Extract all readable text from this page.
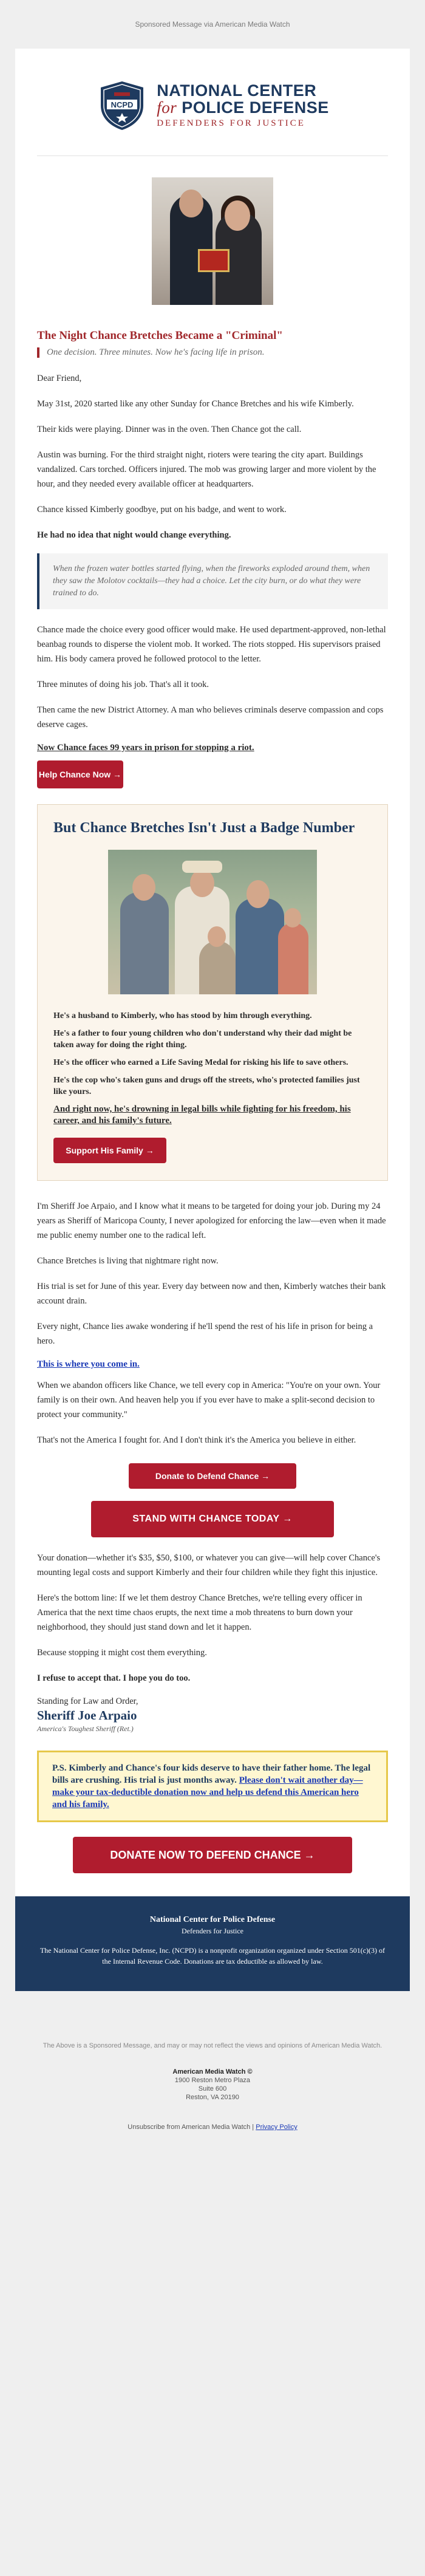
Sponsored Message via American Media Watch
NCPD
NATIONAL CENTER
for POLICE DEFENSE
DEFENDERS FOR JUSTICE
The Night Chance Bretches Became a "Criminal"
One decision. Three minutes. Now he's facing life in prison.

Dear Friend,

May 31st, 2020 started like any other Sunday for Chance Bretches and his wife Kimberly.

Their kids were playing. Dinner was in the oven. Then Chance got the call.

Austin was burning. For the third straight night, rioters were tearing the city apart. Buildings vandalized. Cars torched. Officers injured. The mob was growing larger and more violent by the hour, and they needed every available officer at headquarters.

Chance kissed Kimberly goodbye, put on his badge, and went to work.

He had no idea that night would change everything.

When the frozen water bottles started flying, when the fireworks exploded around them, when they saw the Molotov cocktails—they had a choice. Let the city burn, or do what they were trained to do.

Chance made the choice every good officer would make. He used department-approved, non-lethal beanbag rounds to disperse the violent mob. It worked. The riots stopped. His supervisors praised him. His body camera proved he followed protocol to the letter.

Three minutes of doing his job. That's all it took.

Then came the new District Attorney. A man who believes criminals deserve compassion and cops deserve cages.

Now Chance faces 99 years in prison for stopping a riot.
Help Chance Now →
But Chance Bretches Isn't Just a Badge Number

He's a husband to Kimberly, who has stood by him through everything.

He's a father to four young children who don't understand why their dad might be taken away for doing the right thing.

He's the officer who earned a Life Saving Medal for risking his life to save others.

He's the cop who's taken guns and drugs off the streets, who's protected families just like yours.

And right now, he's drowning in legal bills while fighting for his freedom, his career, and his family's future.

Support His Family →

I'm Sheriff Joe Arpaio, and I know what it means to be targeted for doing your job. During my 24 years as Sheriff of Maricopa County, I never apologized for enforcing the law—even when it made me public enemy number one to the radical left.

Chance Bretches is living that nightmare right now.

His trial is set for June of this year. Every day between now and then, Kimberly watches their bank account drain.

Every night, Chance lies awake wondering if he'll spend the rest of his life in prison for being a hero.

This is where you come in.

When we abandon officers like Chance, we tell every cop in America: "You're on your own. Your family is on their own. And heaven help you if you ever have to make a split-second decision to protect your community."

That's not the America I fought for. And I don't think it's the America you believe in either.

Donate to Defend Chance →
STAND WITH CHANCE TODAY →

Your donation—whether it's $35, $50, $100, or whatever you can give—will help cover Chance's mounting legal costs and support Kimberly and their four children while they fight this injustice.

Here's the bottom line: If we let them destroy Chance Bretches, we're telling every officer in America that the next time chaos erupts, the next time a mob threatens to burn down your neighborhood, they should just stand down and let it happen.

Because stopping it might cost them everything.

I refuse to accept that. I hope you do too.

Standing for Law and Order,
Sheriff Joe Arpaio
America's Toughest Sheriff (Ret.)
P.S. Kimberly and Chance's four kids deserve to have their father home. The legal bills are crushing. His trial is just months away. Please don't wait another day—make your tax-deductible donation now and help us defend this American hero and his family.
DONATE NOW TO DEFEND CHANCE →
National Center for Police Defense
Defenders for Justice
The National Center for Police Defense, Inc. (NCPD) is a nonprofit organization organized under Section 501(c)(3) of the Internal Revenue Code. Donations are tax deductible as allowed by law.
The Above is a Sponsored Message, and may or may not reflect the views and opinions of American Media Watch.
American Media Watch ©
1900 Reston Metro Plaza
Suite 600
Reston, VA 20190
Unsubscribe from American Media Watch | Privacy Policy
